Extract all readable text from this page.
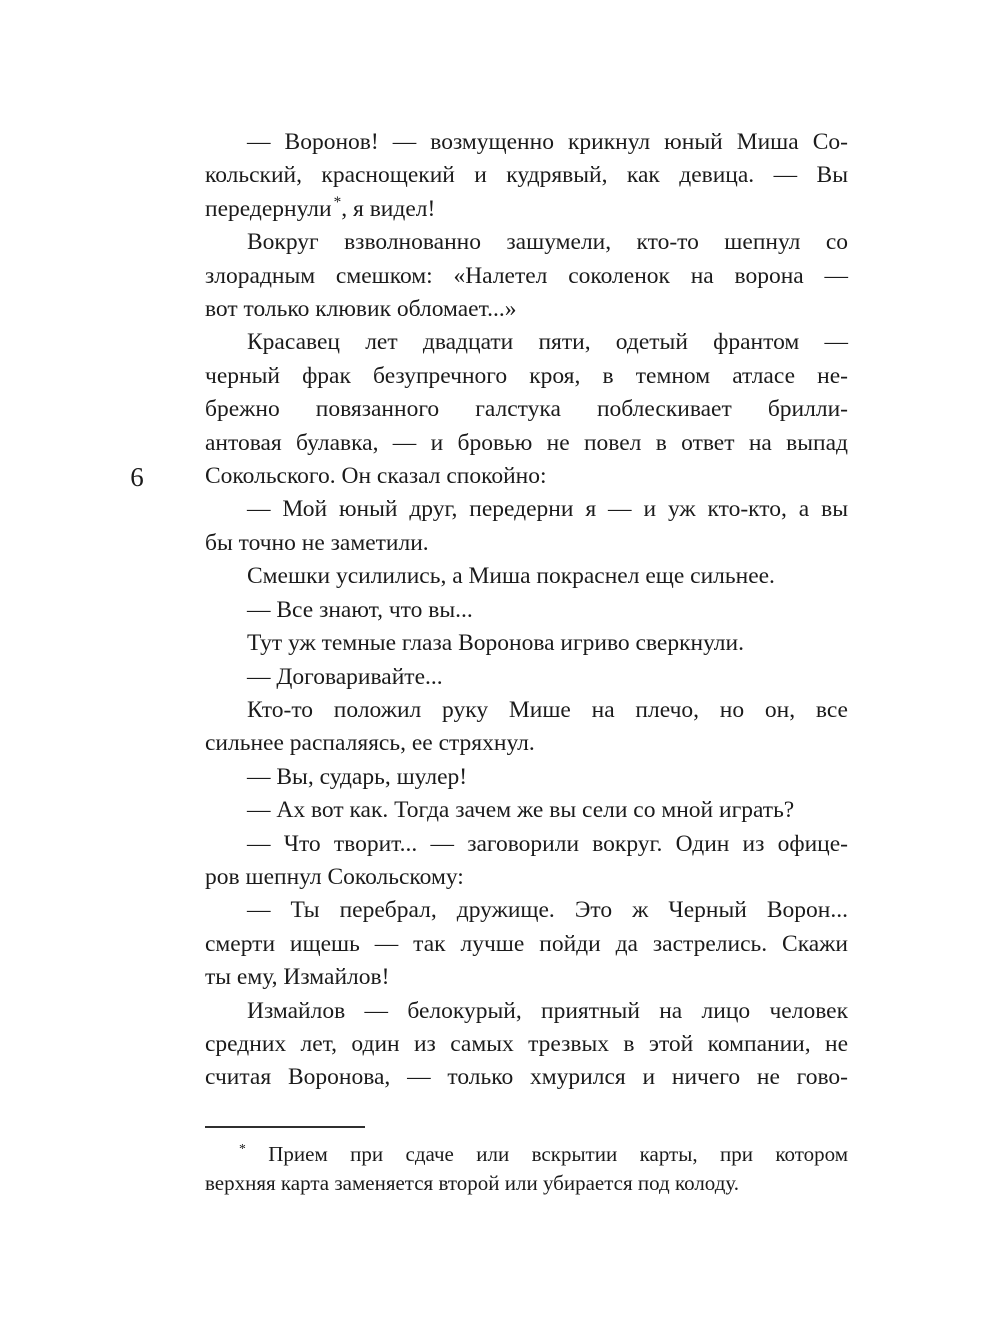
6
— Воронов! — возмущенно крикнул юный Миша Со-
кольский, краснощекий и кудрявый, как девица. — Вы
передернули *, я видел!
Вокруг взволнованно зашумели, кто-то шепнул со
злорадным смешком: «Налетел соколенок на ворона —
вот только клювик обломает...»
Красавец лет двадцати пяти, одетый франтом —
черный фрак безупречного кроя, в темном атласе не-
брежно повязанного галстука поблескивает брилли-
антовая булавка, — и бровью не повел в ответ на выпад
Сокольского. Он сказал спокойно:
— Мой юный друг, передерни я — и уж кто-кто, а вы
бы точно не заметили.
Смешки усилились, а Миша покраснел еще сильнее.
— Все знают, что вы...
Тут уж темные глаза Воронова игриво сверкнули.
— Договаривайте...
Кто-то положил руку Мише на плечо, но он, все
сильнее распаляясь, ее стряхнул.
— Вы, сударь, шулер!
— Ах вот как. Тогда зачем же вы сели со мной играть?
— Что творит... — заговорили вокруг. Один из офице-
ров шепнул Сокольскому:
— Ты перебрал, дружище. Это ж Черный Ворон...
смерти ищешь — так лучше пойди да застрелись. Скажи
ты ему, Измайлов!
Измайлов — белокурый, приятный на лицо человек
средних лет, один из самых трезвых в этой компании, не
считая Воронова, — только хмурился и ничего не гово-
* Прием при сдаче или вскрытии карты, при котором
верхняя карта заменяется второй или убирается под колоду.
